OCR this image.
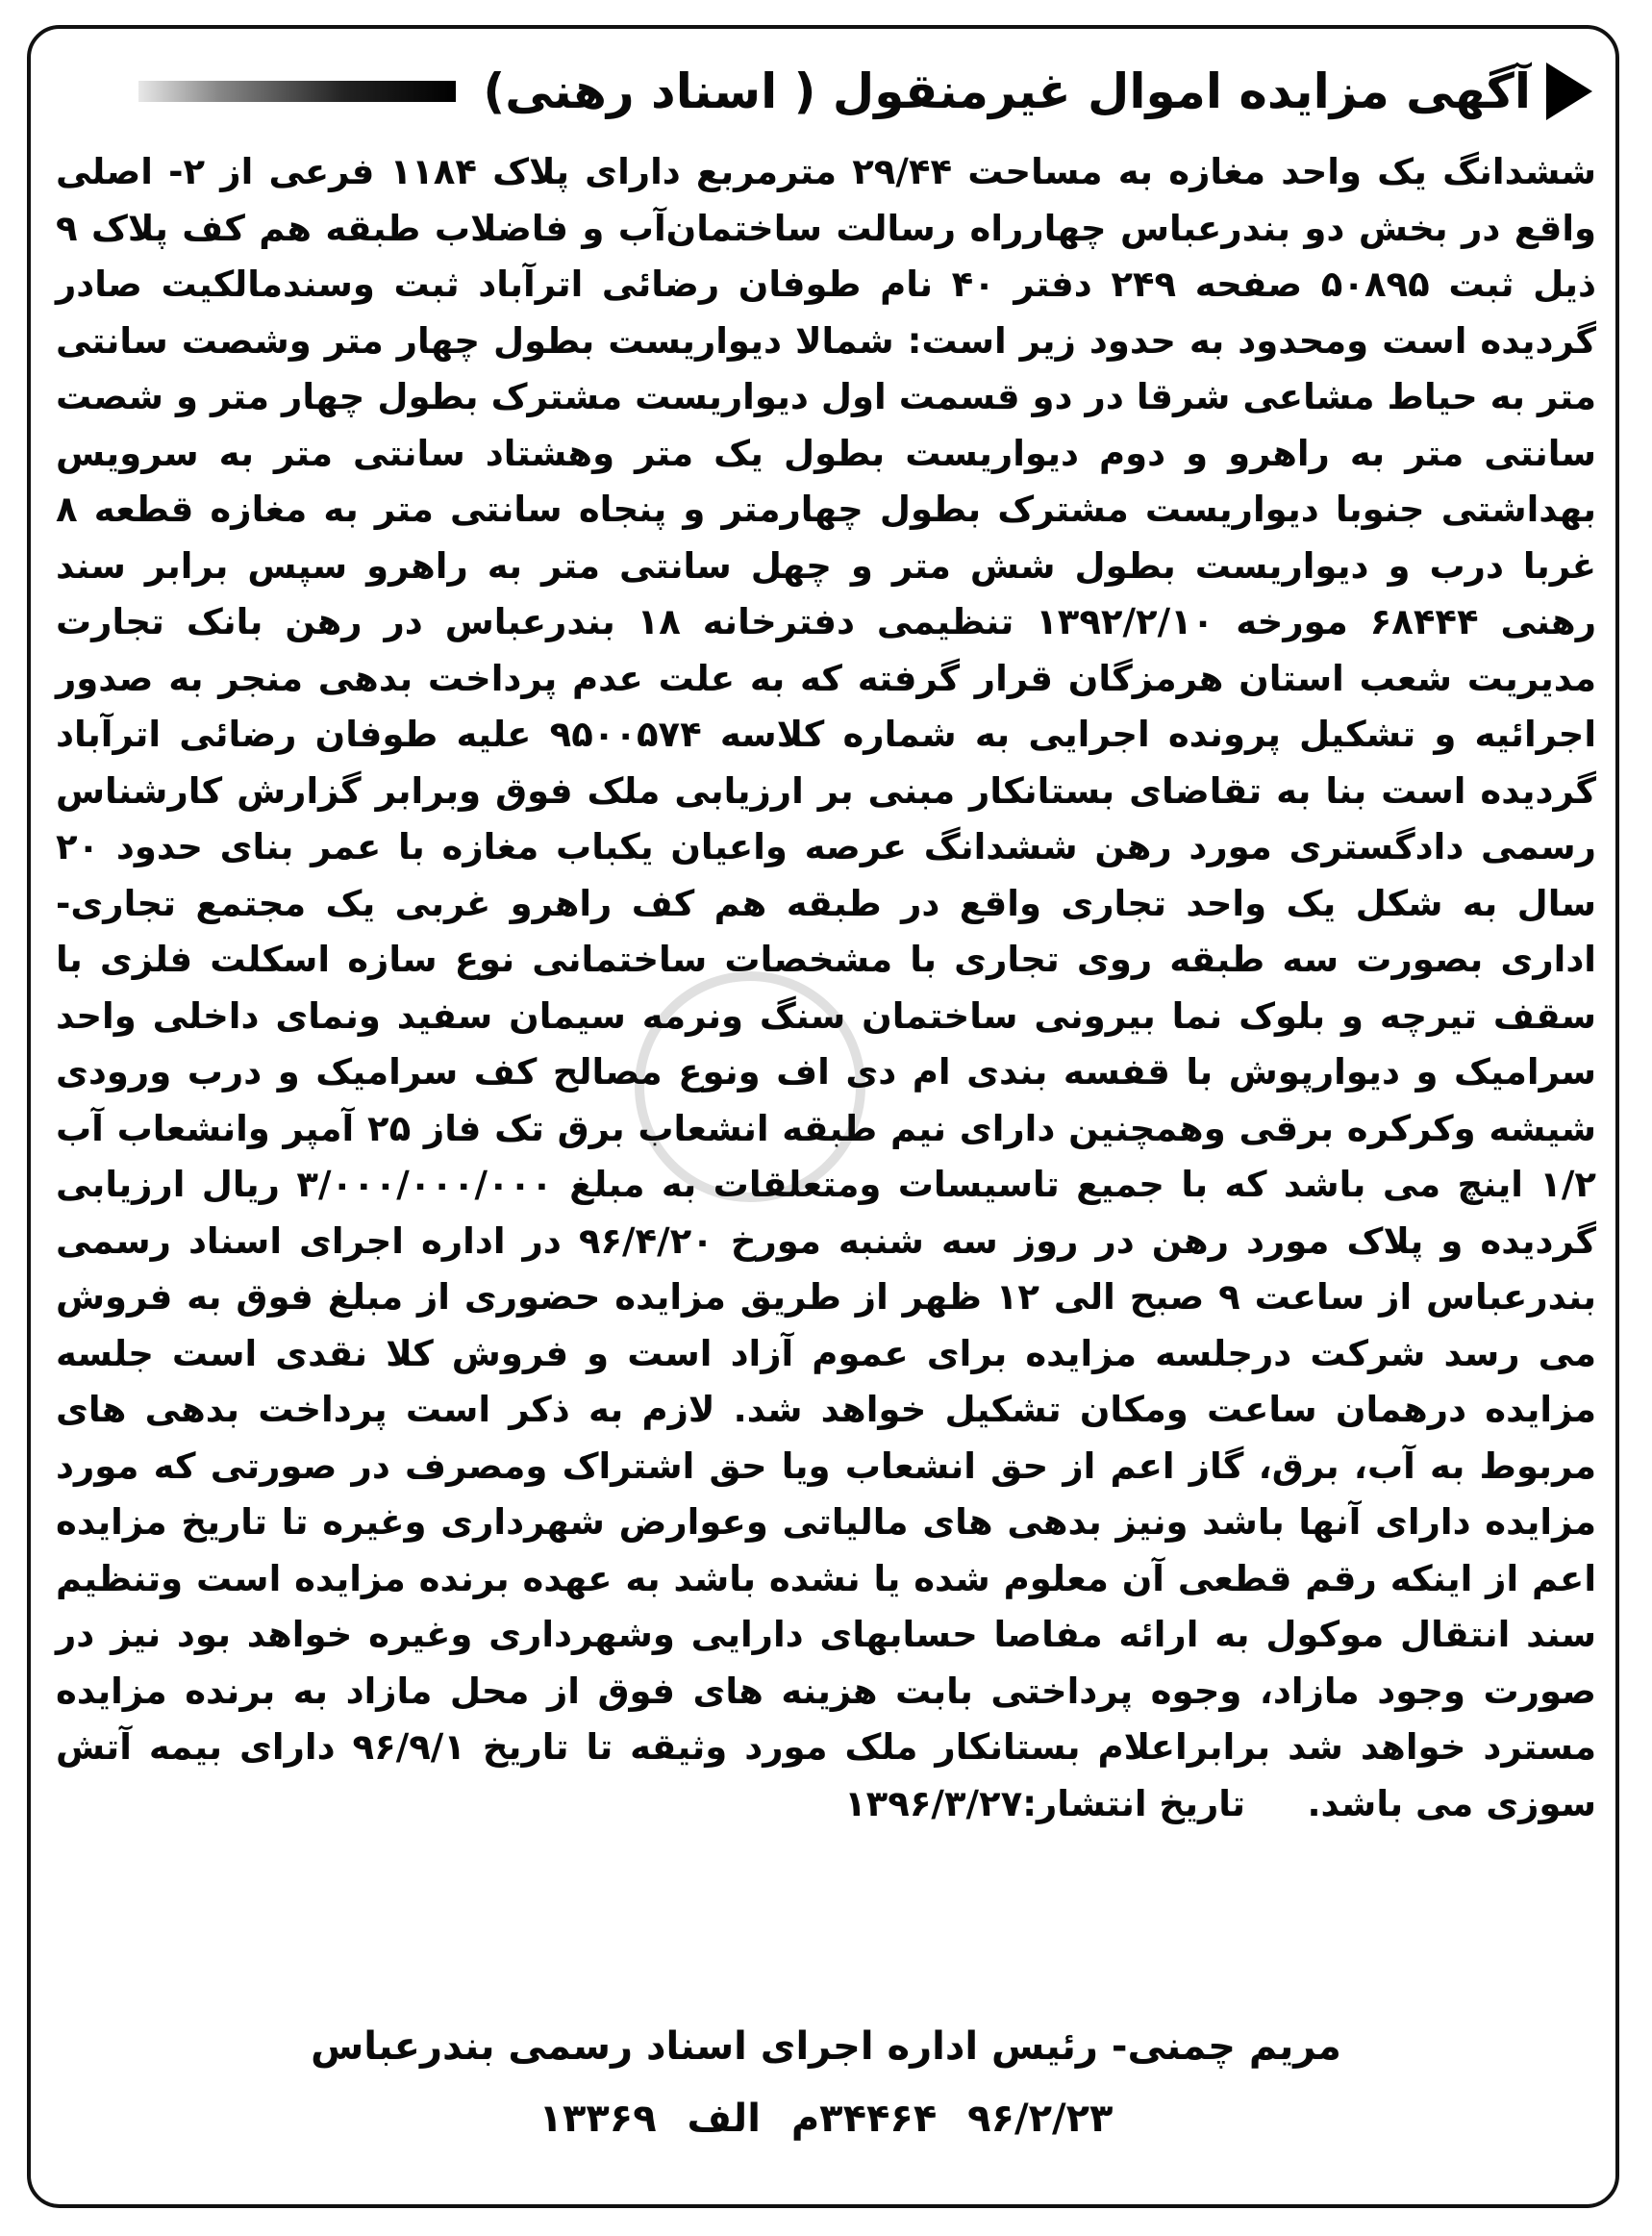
آگهی مزایده اموال غیرمنقول ( اسناد رهنی)

ششدانگ یک واحد مغازه به مساحت ۲۹/۴۴ مترمربع دارای پلاک ۱۱۸۴ فرعی از ۲- اصلی واقع در بخش دو بندرعباس چهارراه رسالت ساختمان‌آب و فاضلاب طبقه هم کف پلاک ۹ ذیل ثبت ۵۰۸۹۵ صفحه ۲۴۹ دفتر ۴۰ نام طوفان رضائی اترآباد ثبت وسندمالکیت صادر گردیده است ومحدود به حدود زیر است: شمالا دیواریست بطول چهار متر وشصت سانتی متر به حیاط مشاعی شرقا در دو قسمت اول دیواریست مشترک بطول چهار متر و شصت سانتی متر به راهرو و دوم دیواریست بطول یک متر وهشتاد سانتی متر به سرویس بهداشتی جنوبا دیواریست مشترک بطول چهارمتر و پنجاه سانتی متر به مغازه قطعه ۸ غربا درب و دیواریست بطول شش متر و چهل سانتی متر به راهرو سپس برابر سند رهنی ۶۸۴۴۴ مورخه ۱۳۹۲/۲/۱۰ تنظیمی دفترخانه ۱۸ بندرعباس در رهن بانک تجارت مدیریت شعب استان هرمزگان قرار گرفته که به علت عدم پرداخت بدهی منجر به صدور اجرائیه و تشکیل پرونده اجرایی به شماره کلاسه ۹۵۰۰۵۷۴ علیه طوفان رضائی اترآباد گردیده است بنا به تقاضای بستانکار مبنی بر ارزیابی ملک فوق وبرابر گزارش کارشناس رسمی دادگستری مورد رهن ششدانگ عرصه واعیان یکباب مغازه با عمر بنای حدود ۲۰ سال به شکل یک واحد تجاری واقع در طبقه هم کف راهرو غربی یک مجتمع تجاری- اداری بصورت سه طبقه روی تجاری با مشخصات ساختمانی نوع سازه اسکلت فلزی با سقف تیرچه و بلوک نما بیرونی ساختمان سنگ ونرمه سیمان سفید ونمای داخلی واحد سرامیک و دیوارپوش با قفسه بندی ام دی اف ونوع مصالح کف سرامیک و درب ورودی شیشه وکرکره برقی وهمچنین دارای نیم طبقه انشعاب برق تک فاز ۲۵ آمپر وانشعاب آب ۱/۲ اینچ می باشد که با جمیع تاسیسات ومتعلقات به مبلغ ۳/۰۰۰/۰۰۰/۰۰۰ ریال ارزیابی گردیده و پلاک مورد رهن در روز سه شنبه مورخ ۹۶/۴/۲۰ در اداره اجرای اسناد رسمی بندرعباس از ساعت ۹ صبح الی ۱۲ ظهر از طریق مزایده حضوری از مبلغ فوق به فروش می رسد شرکت درجلسه مزایده برای عموم آزاد است و فروش کلا نقدی است جلسه مزایده درهمان ساعت ومکان تشکیل خواهد شد. لازم به ذکر است پرداخت بدهی های مربوط به آب، برق، گاز اعم از حق انشعاب ویا حق اشتراک ومصرف در صورتی که مورد مزایده دارای آنها باشد ونیز بدهی های مالیاتی وعوارض شهرداری وغیره تا تاریخ مزایده اعم از اینکه رقم قطعی آن معلوم شده یا نشده باشد به عهده برنده مزایده است وتنظیم سند انتقال موکول به ارائه مفاصا حسابهای دارایی وشهرداری وغیره خواهد بود نیز در صورت وجود مازاد، وجوه پرداختی بابت هزینه های فوق از محل مازاد به برنده مزایده مسترد خواهد شد برابراعلام بستانکار ملک مورد وثیقه تا تاریخ ۹۶/۹/۱ دارای بیمه آتش سوزی می باشد.     تاریخ انتشار:۱۳۹۶/۳/۲۷

مریم چمنی- رئیس اداره اجرای اسناد رسمی بندرعباس
۹۶/۲/۲۳ ۳۴۴۶۴م الف ۱۳۳۶۹
